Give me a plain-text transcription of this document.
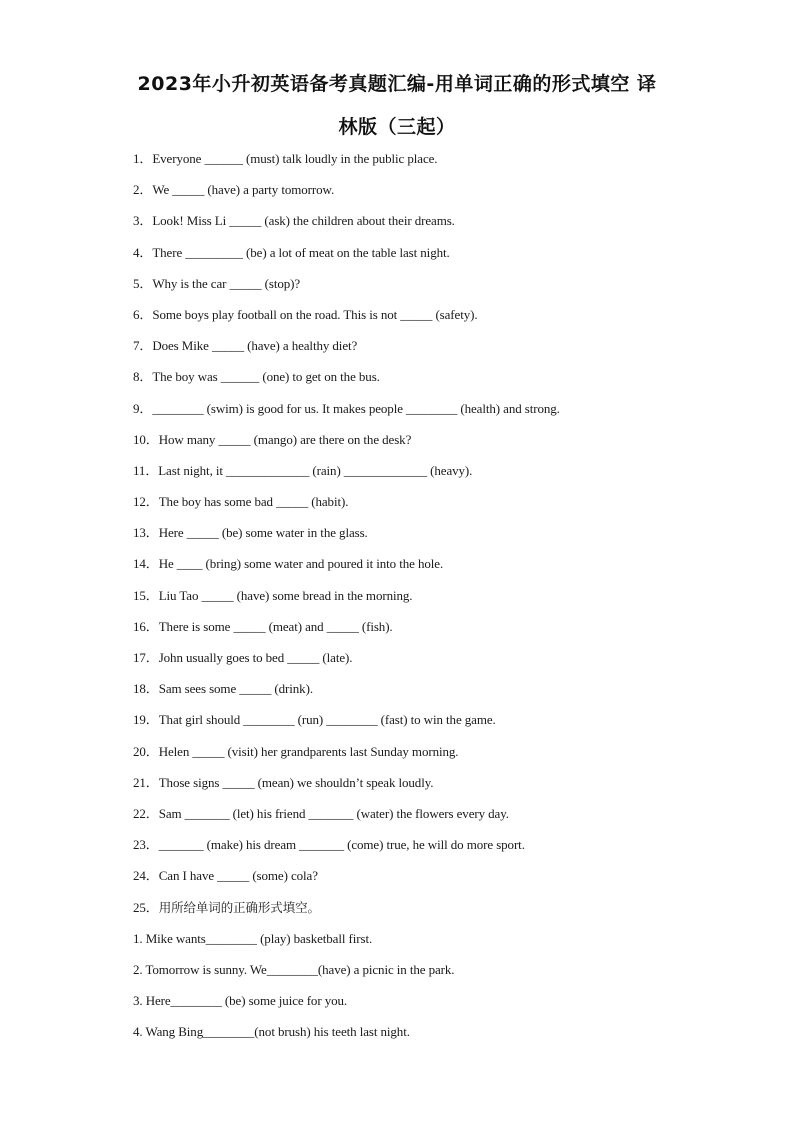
2023年小升初英语备考真题汇编-用单词正确的形式填空 译
林版（三起）
1．Everyone ______ (must) talk loudly in the public place.
2．We _____ (have) a party tomorrow.
3．Look! Miss Li _____ (ask) the children about their dreams.
4．There _________ (be) a lot of meat on the table last night.
5．Why is the car _____ (stop)?
6．Some boys play football on the road. This is not _____ (safety).
7．Does Mike _____ (have) a healthy diet?
8．The boy was ______ (one) to get on the bus.
9．________ (swim) is good for us. It makes people ________ (health) and strong.
10．How many _____ (mango) are there on the desk?
11．Last night, it _____________ (rain) _____________ (heavy).
12．The boy has some bad _____ (habit).
13．Here _____ (be) some water in the glass.
14．He ____ (bring) some water and poured it into the hole.
15．Liu Tao _____ (have) some bread in the morning.
16．There is some _____ (meat) and _____ (fish).
17．John usually goes to bed _____ (late).
18．Sam sees some _____ (drink).
19．That girl should ________ (run) ________ (fast) to win the game.
20．Helen _____ (visit) her grandparents last Sunday morning.
21．Those signs _____ (mean) we shouldn’t speak loudly.
22．Sam _______ (let) his friend _______ (water) the flowers every day.
23．_______ (make) his dream _______ (come) true, he will do more sport.
24．Can I have _____ (some) cola?
25．用所给单词的正确形式填空。
1. Mike wants________ (play) basketball first.
2. Tomorrow is sunny. We________(have) a picnic in the park.
3. Here________ (be) some juice for you.
4. Wang Bing________(not brush) his teeth last night.
